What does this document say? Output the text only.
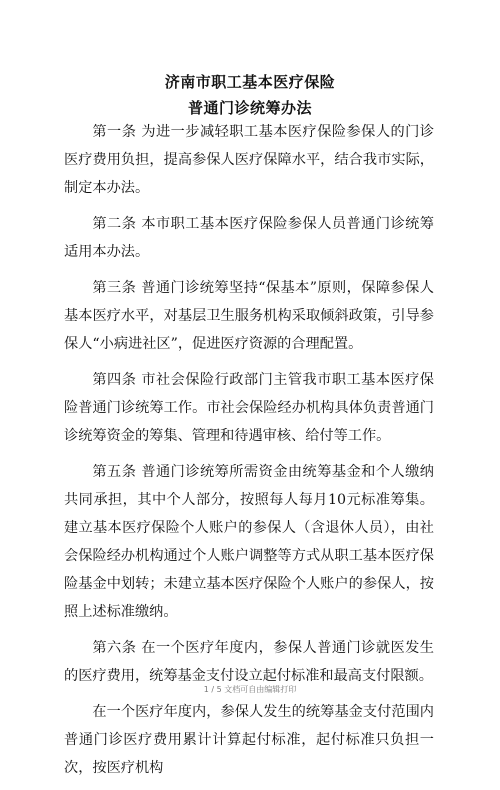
济南市职工基本医疗保险
普通门诊统筹办法

第一条 为进一步减轻职工基本医疗保险参保人的门诊医疗费用负担，提高参保人医疗保障水平，结合我市实际，制定本办法。

第二条 本市职工基本医疗保险参保人员普通门诊统筹适用本办法。

第三条 普通门诊统筹坚持“保基本”原则，保障参保人基本医疗水平，对基层卫生服务机构采取倾斜政策，引导参保人“小病进社区”，促进医疗资源的合理配置。

第四条 市社会保险行政部门主管我市职工基本医疗保险普通门诊统筹工作。市社会保险经办机构具体负责普通门诊统筹资金的筹集、管理和待遇审核、给付等工作。

第五条 普通门诊统筹所需资金由统筹基金和个人缴纳共同承担，其中个人部分，按照每人每月10元标准筹集。建立基本医疗保险个人账户的参保人（含退休人员），由社会保险经办机构通过个人账户调整等方式从职工基本医疗保险基金中划转；未建立基本医疗保险个人账户的参保人，按照上述标准缴纳。

第六条 在一个医疗年度内，参保人普通门诊就医发生的医疗费用，统筹基金支付设立起付标准和最高支付限额。

在一个医疗年度内，参保人发生的统筹基金支付范围内普通门诊医疗费用累计计算起付标准，起付标准只负担一次，按医疗机构

1 / 5 文档可自由编辑打印
